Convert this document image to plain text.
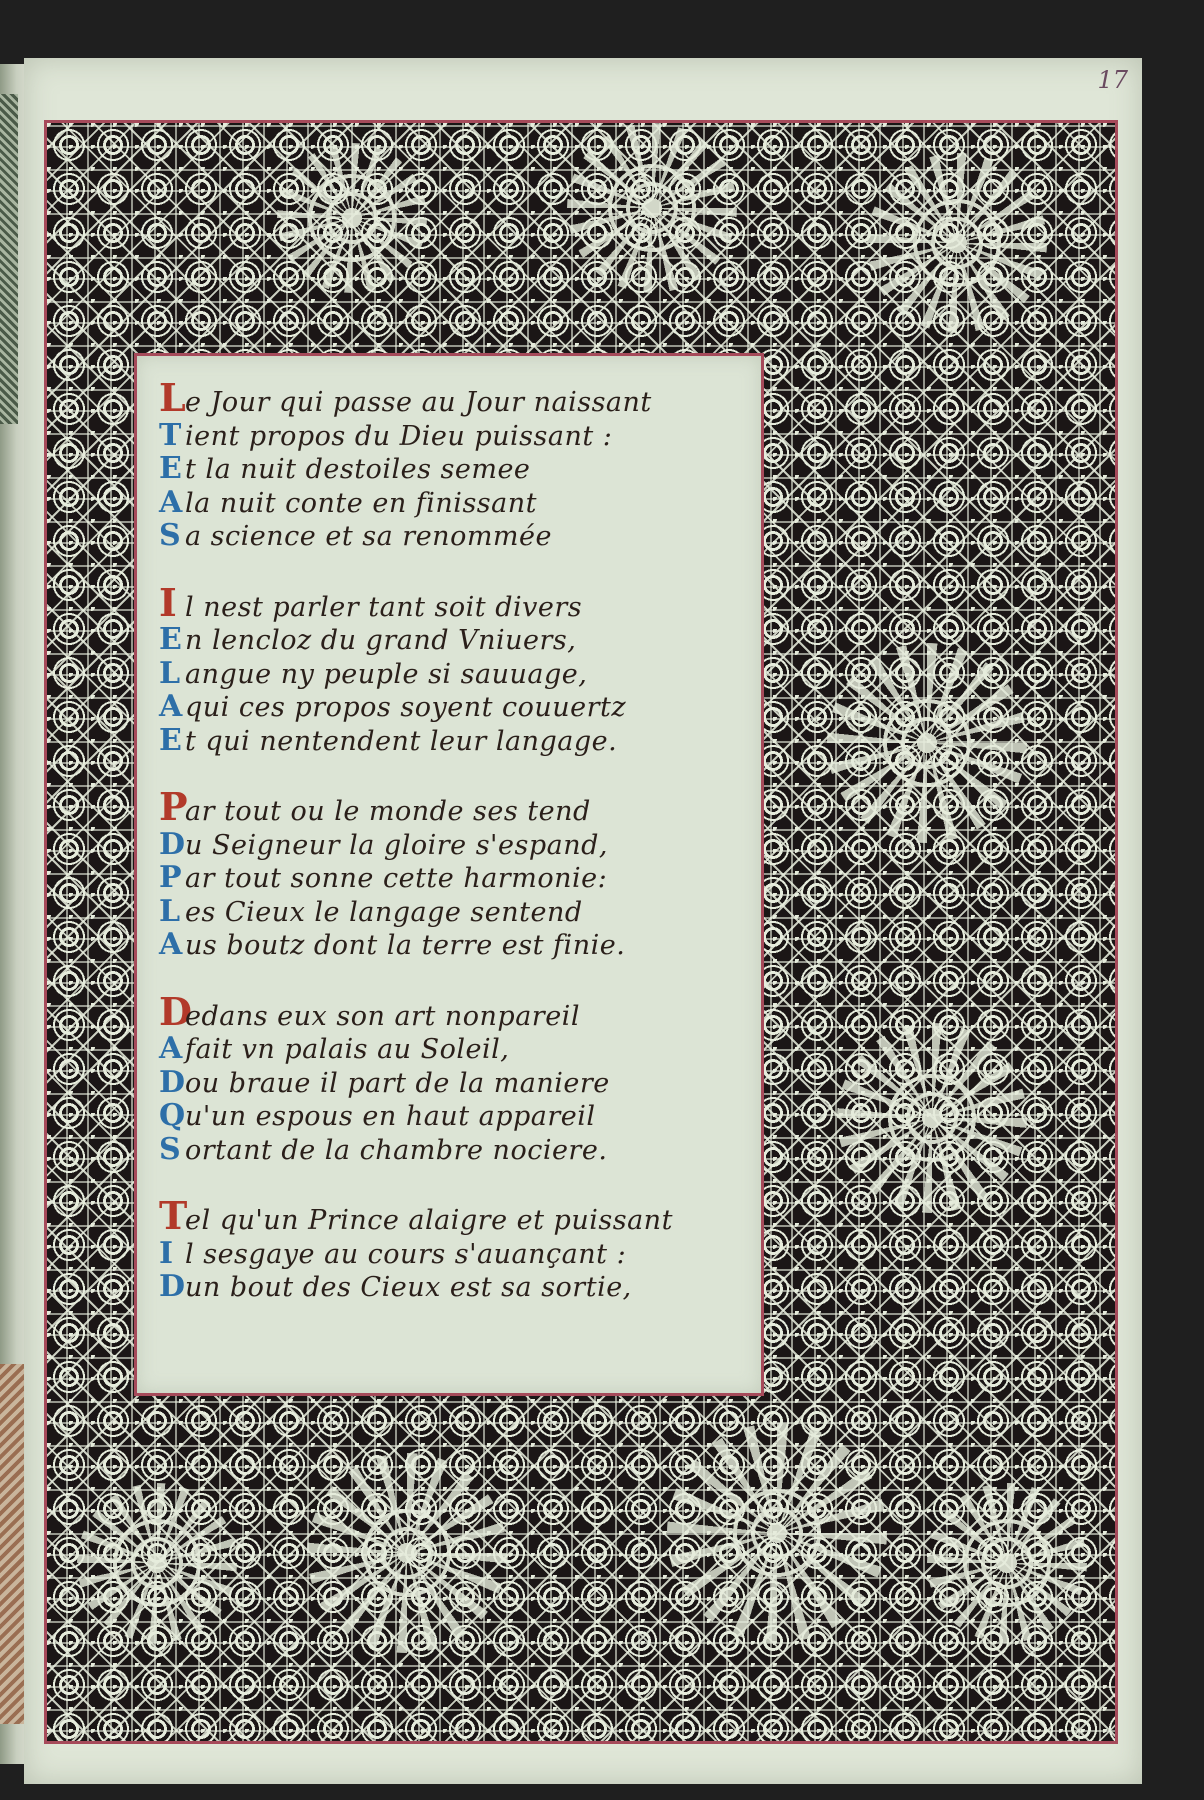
17
Le Jour qui passe au Jour naissant
T ient propos du Dieu puissant :
Et la nuit destoiles semee
Ala nuit conte en finissant
S a science et sa renommée
I l nest parler tant soit divers
En lencloz du grand Vniuers,
L angue ny peuple si sauuage,
Aqui ces propos soyent couuertz
Et qui nentendent leur langage.
Par tout ou le monde ses tend
Du Seigneur la gloire s'espand,
P ar tout sonne cette harmonie:
L es Cieux le langage sentend
Aus boutz dont la terre est finie.
Dedans eux son art nonpareil
Afait vn palais au Soleil,
Dou braue il part de la maniere
Qu'un espous en haut appareil
S ortant de la chambre nociere.
Tel qu'un Prince alaigre et puissant
I l sesgaye au cours s'auançant :
Dun bout des Cieux est sa sortie,
